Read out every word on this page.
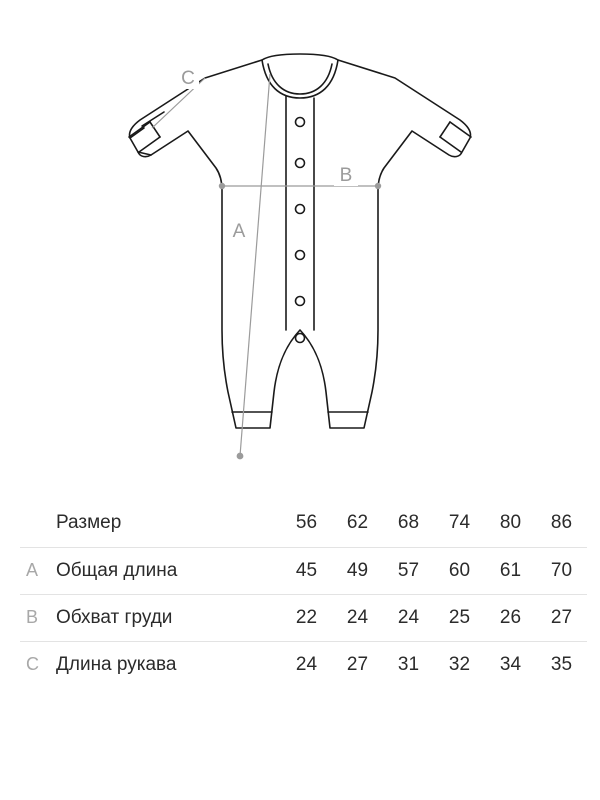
A
B
C
	Размер	56	62	68	74	80	86
A	Общая длина	45	49	57	60	61	70
B	Обхват груди	22	24	24	25	26	27
C	Длина рукава	24	27	31	32	34	35
